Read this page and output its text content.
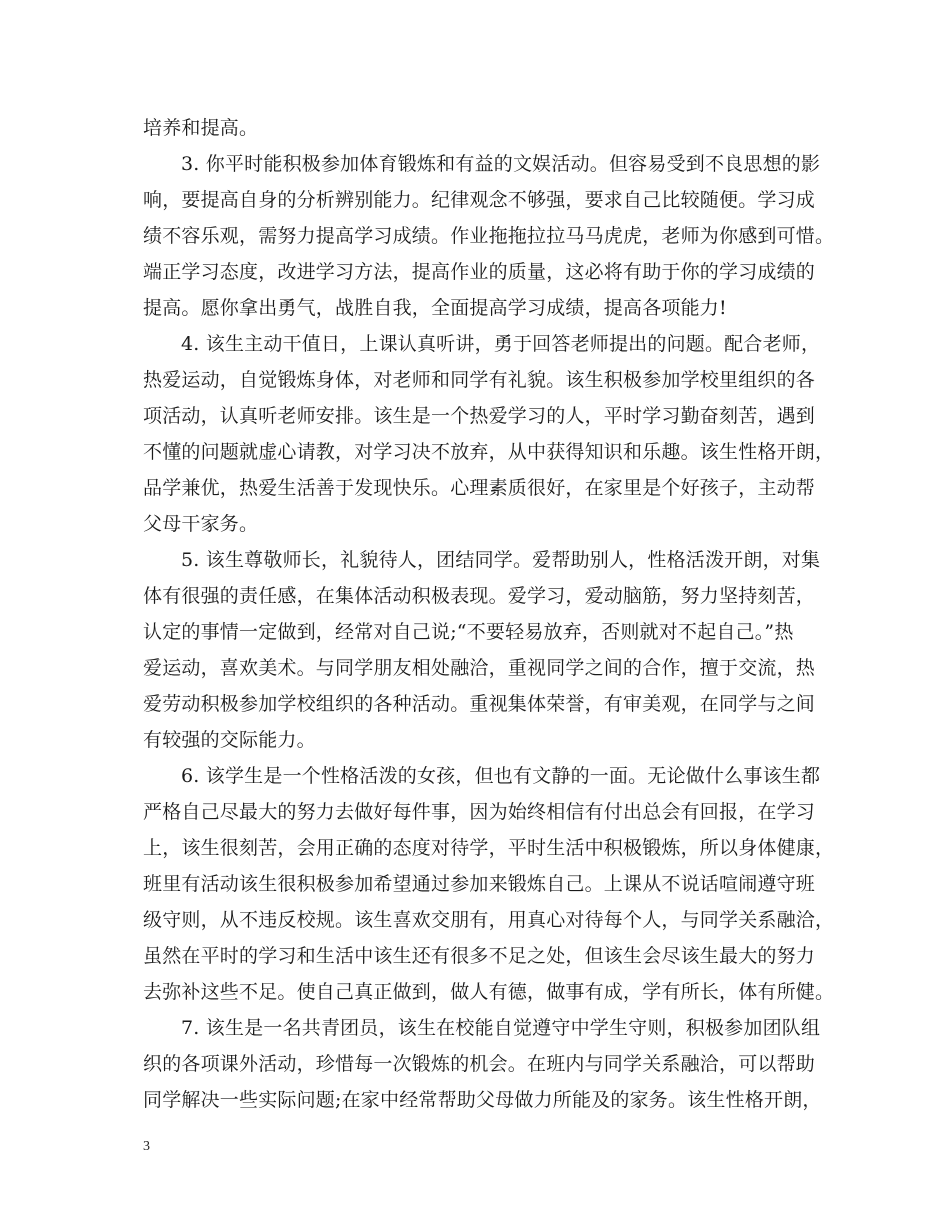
培养和提高。
3. 你平时能积极参加体育锻炼和有益的文娱活动。但容易受到不良思想的影
响，要提高自身的分析辨别能力。纪律观念不够强，要求自己比较随便。学习成
绩不容乐观，需努力提高学习成绩。作业拖拖拉拉马马虎虎，老师为你感到可惜。
端正学习态度，改进学习方法，提高作业的质量，这必将有助于你的学习成绩的
提高。愿你拿出勇气，战胜自我，全面提高学习成绩，提高各项能力!
4. 该生主动干值日，上课认真听讲，勇于回答老师提出的问题。配合老师，
热爱运动，自觉锻炼身体，对老师和同学有礼貌。该生积极参加学校里组织的各
项活动，认真听老师安排。该生是一个热爱学习的人，平时学习勤奋刻苦，遇到
不懂的问题就虚心请教，对学习决不放弃，从中获得知识和乐趣。该生性格开朗，
品学兼优，热爱生活善于发现快乐。心理素质很好，在家里是个好孩子，主动帮
父母干家务。
5. 该生尊敬师长，礼貌待人，团结同学。爱帮助别人，性格活泼开朗，对集
体有很强的责任感，在集体活动积极表现。爱学习，爱动脑筋，努力坚持刻苦，
认定的事情一定做到，经常对自己说;“不要轻易放弃，否则就对不起自己。”热
爱运动，喜欢美术。与同学朋友相处融洽，重视同学之间的合作，擅于交流，热
爱劳动积极参加学校组织的各种活动。重视集体荣誉，有审美观，在同学与之间
有较强的交际能力。
6. 该学生是一个性格活泼的女孩，但也有文静的一面。无论做什么事该生都
严格自己尽最大的努力去做好每件事，因为始终相信有付出总会有回报，在学习
上，该生很刻苦，会用正确的态度对待学，平时生活中积极锻炼，所以身体健康，
班里有活动该生很积极参加希望通过参加来锻炼自己。上课从不说话喧闹遵守班
级守则，从不违反校规。该生喜欢交朋有，用真心对待每个人，与同学关系融洽，
虽然在平时的学习和生活中该生还有很多不足之处，但该生会尽该生最大的努力
去弥补这些不足。使自己真正做到，做人有德，做事有成，学有所长，体有所健。
7. 该生是一名共青团员，该生在校能自觉遵守中学生守则，积极参加团队组
织的各项课外活动，珍惜每一次锻炼的机会。在班内与同学关系融洽，可以帮助
同学解决一些实际问题;在家中经常帮助父母做力所能及的家务。该生性格开朗，
3
